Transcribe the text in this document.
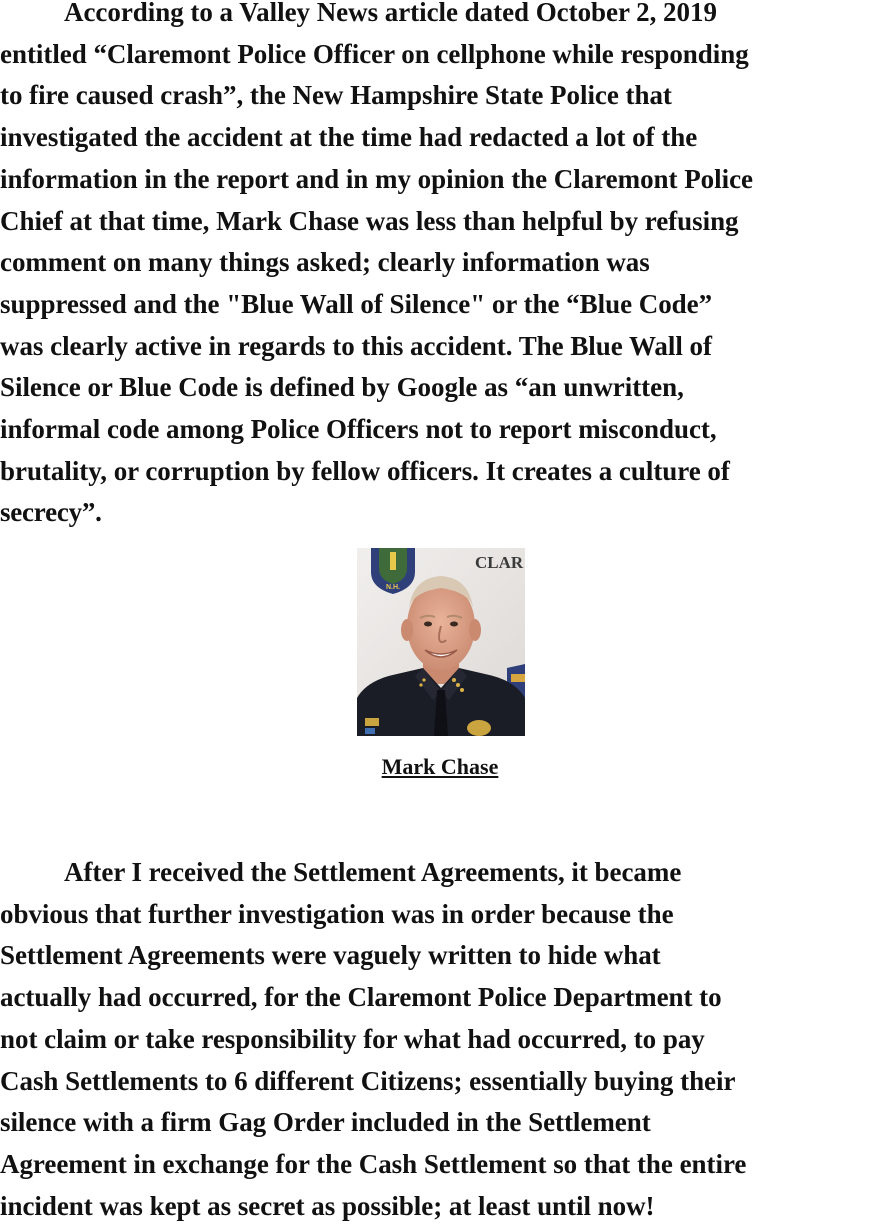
According to a Valley News article dated October 2, 2019
entitled “Claremont Police Officer on cellphone while responding
to fire caused crash”, the New Hampshire State Police that
investigated the accident at the time had redacted a lot of the
information in the report and in my opinion the Claremont Police
Chief at that time, Mark Chase was less than helpful by refusing
comment on many things asked; clearly information was
suppressed and the "Blue Wall of Silence" or the “Blue Code”
was clearly active in regards to this accident. The Blue Wall of
Silence or Blue Code is defined by Google as “an unwritten,
informal code among Police Officers not to report misconduct,
brutality, or corruption by fellow officers. It creates a culture of
secrecy”.
N.H.
CLAR
Mark Chase
After I received the Settlement Agreements, it became
obvious that further investigation was in order because the
Settlement Agreements were vaguely written to hide what
actually had occurred, for the Claremont Police Department to
not claim or take responsibility for what had occurred, to pay
Cash Settlements to 6 different Citizens; essentially buying their
silence with a firm Gag Order included in the Settlement
Agreement in exchange for the Cash Settlement so that the entire
incident was kept as secret as possible; at least until now!
